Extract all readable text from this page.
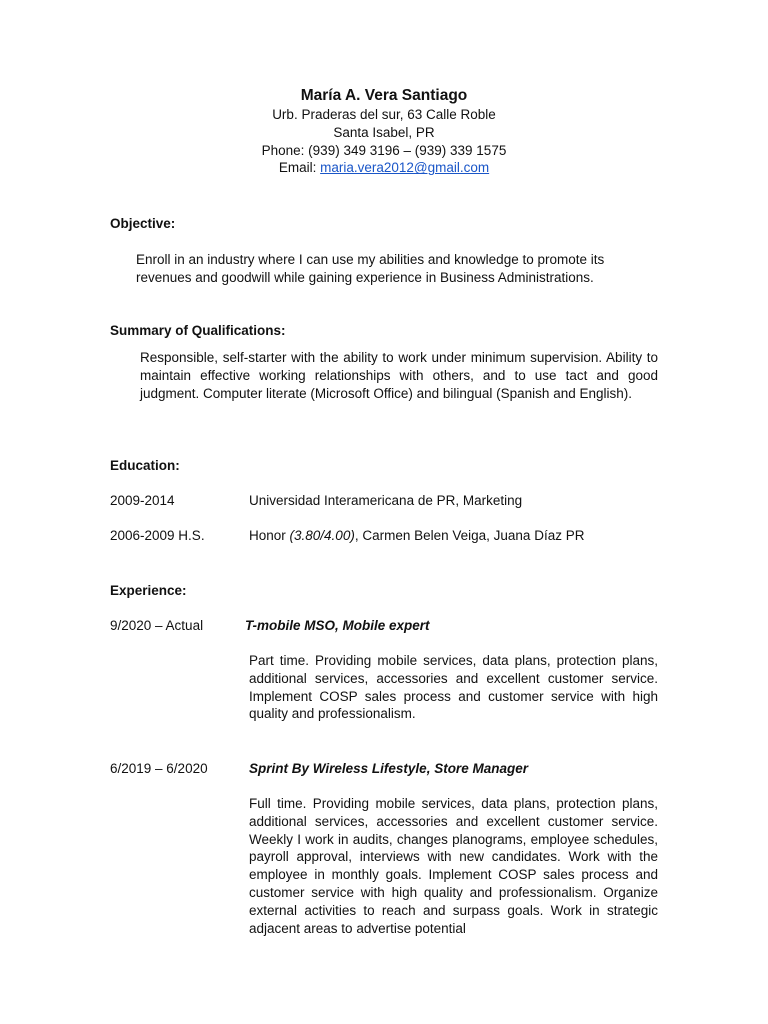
María A. Vera Santiago
Urb. Praderas del sur, 63 Calle Roble
Santa Isabel, PR
Phone: (939) 349 3196 – (939) 339 1575
Email: maria.vera2012@gmail.com
Objective:
Enroll in an industry where I can use my abilities and knowledge to promote its revenues and goodwill while gaining experience in Business Administrations.
Summary of Qualifications:
Responsible, self-starter with the ability to work under minimum supervision. Ability to maintain effective working relationships with others, and to use tact and good judgment. Computer literate (Microsoft Office) and bilingual (Spanish and English).
Education:
2009-2014	Universidad Interamericana de PR, Marketing
2006-2009 H.S.	Honor (3.80/4.00), Carmen Belen Veiga, Juana Díaz PR
Experience:
9/2020 – Actual	T-mobile MSO, Mobile expert
Part time. Providing mobile services, data plans, protection plans, additional services, accessories and excellent customer service. Implement COSP sales process and customer service with high quality and professionalism.
6/2019 – 6/2020	Sprint By Wireless Lifestyle, Store Manager
Full time. Providing mobile services, data plans, protection plans, additional services, accessories and excellent customer service. Weekly I work in audits, changes planograms, employee schedules, payroll approval, interviews with new candidates. Work with the employee in monthly goals. Implement COSP sales process and customer service with high quality and professionalism. Organize external activities to reach and surpass goals. Work in strategic adjacent areas to advertise potential
